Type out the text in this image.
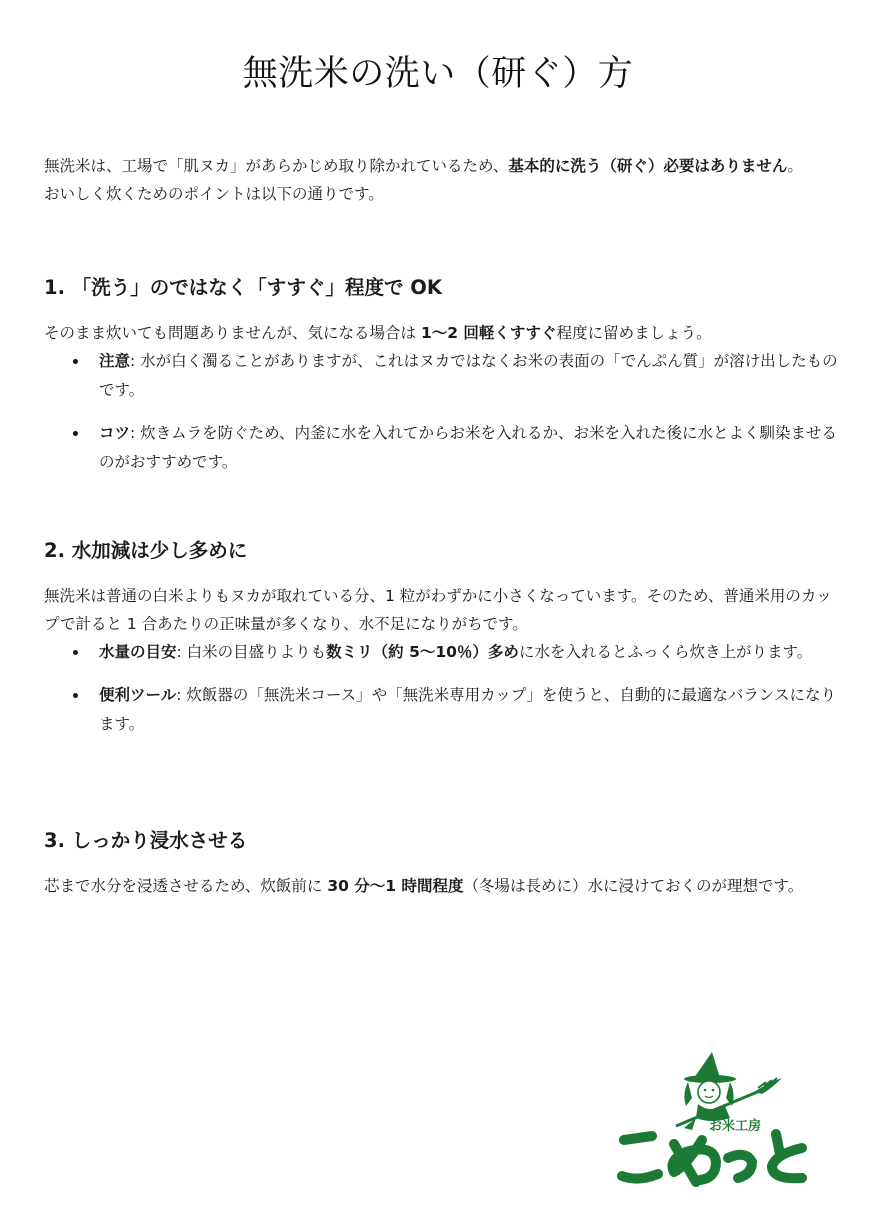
無洗米の洗い（研ぐ）方

無洗米は、工場で「肌ヌカ」があらかじめ取り除かれているため、基本的に洗う（研ぐ）必要はありません。

おいしく炊くためのポイントは以下の通りです。

1. 「洗う」のではなく「すすぐ」程度で OK

そのまま炊いても問題ありませんが、気になる場合は 1～2 回軽くすすぐ程度に留めましょう。

注意: 水が白く濁ることがありますが、これはヌカではなくお米の表面の「でんぷん質」が溶け出したものです。
コツ: 炊きムラを防ぐため、内釜に水を入れてからお米を入れるか、お米を入れた後に水とよく馴染ませるのがおすすめです。
2. 水加減は少し多めに

無洗米は普通の白米よりもヌカが取れている分、1 粒がわずかに小さくなっています。そのため、普通米用のカップで計ると 1 合あたりの正味量が多くなり、水不足になりがちです。

水量の目安: 白米の目盛りよりも数ミリ（約 5～10％）多めに水を入れるとふっくら炊き上がります。
便利ツール: 炊飯器の「無洗米コース」や「無洗米専用カップ」を使うと、自動的に最適なバランスになります。
3. しっかり浸水させる

芯まで水分を浸透させるため、炊飯前に 30 分～1 時間程度（冬場は長めに）水に浸けておくのが理想です。

お米工房
